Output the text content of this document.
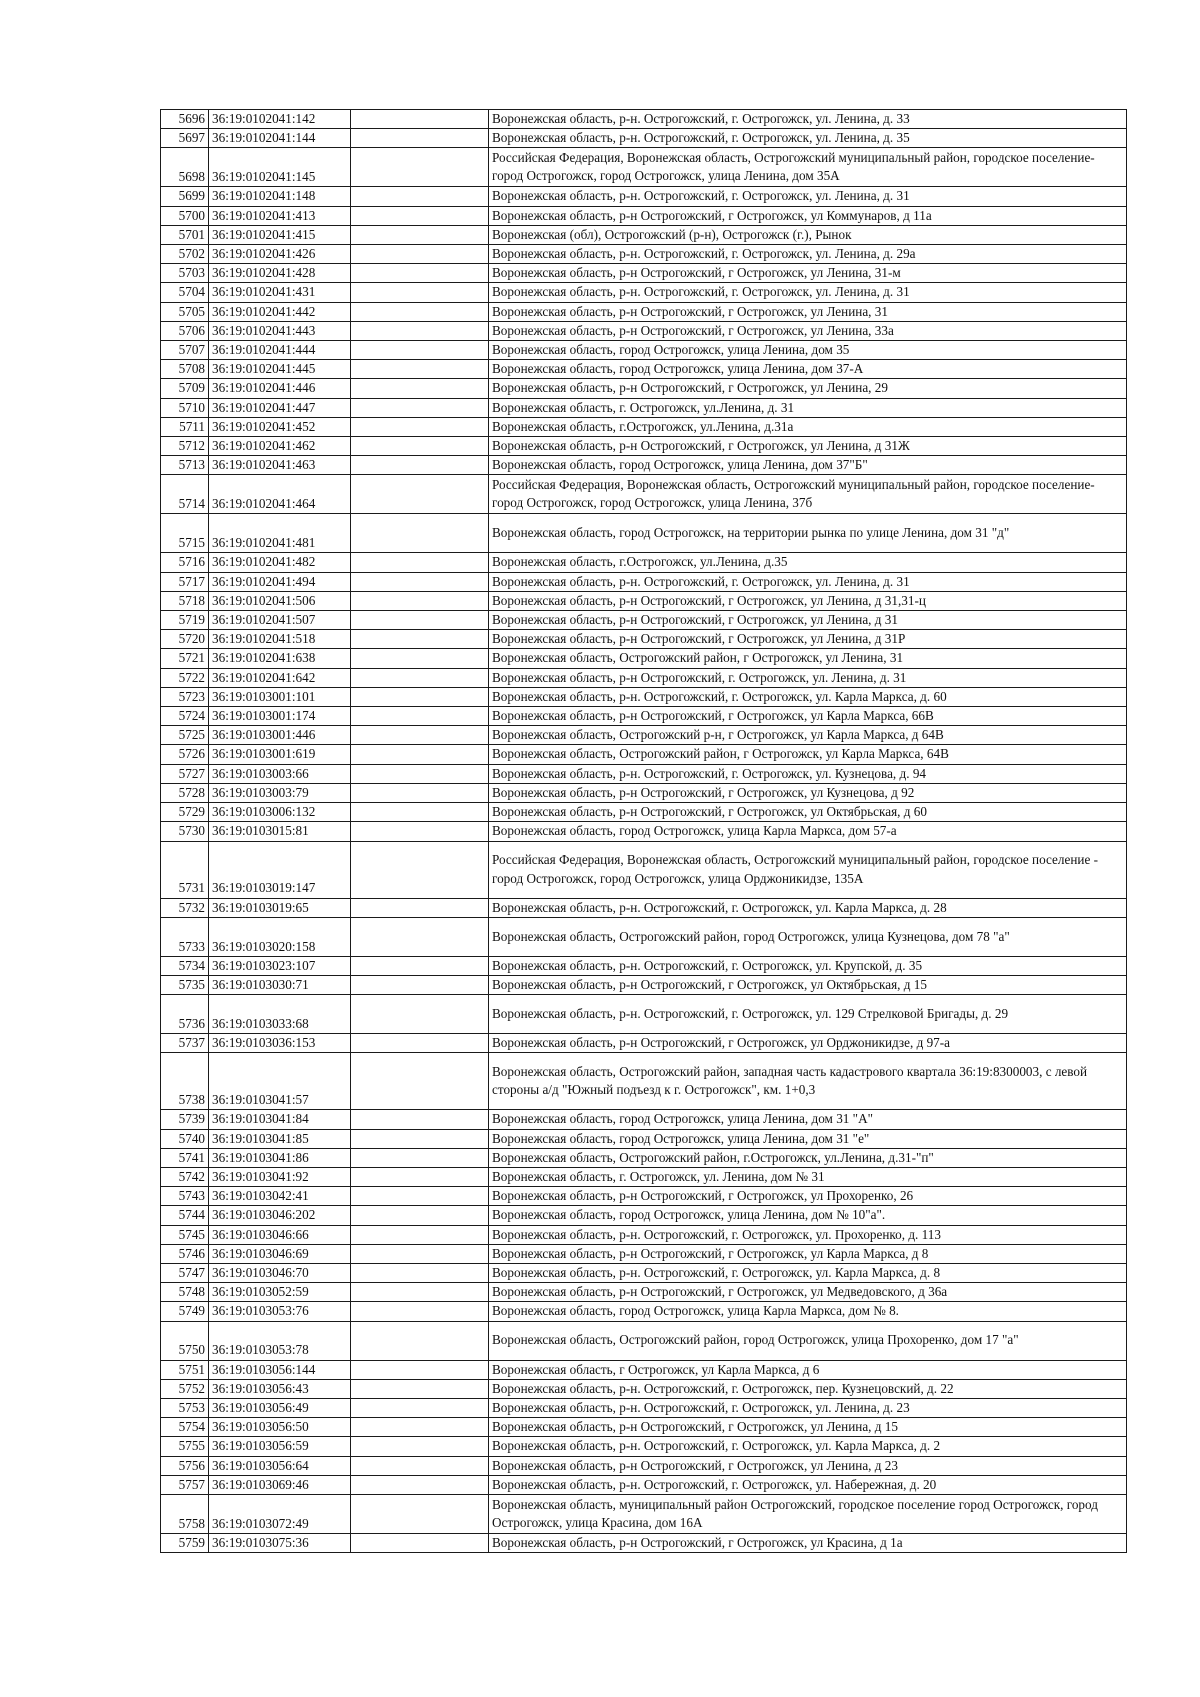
5696	36:19:0102041:142		Воронежская область, р-н. Острогожский, г. Острогожск, ул. Ленина, д. 33
5697	36:19:0102041:144		Воронежская область, р-н. Острогожский, г. Острогожск, ул. Ленина, д. 35
5698	36:19:0102041:145		Российская Федерация, Воронежская область, Острогожский муниципальный район, городское поселение-город Острогожск, город Острогожск, улица Ленина, дом 35А
5699	36:19:0102041:148		Воронежская область, р-н. Острогожский, г. Острогожск, ул. Ленина, д. 31
5700	36:19:0102041:413		Воронежская область, р-н Острогожский, г Острогожск, ул Коммунаров, д 11а
5701	36:19:0102041:415		Воронежская (обл), Острогожский (р-н), Острогожск (г.), Рынок
5702	36:19:0102041:426		Воронежская область, р-н. Острогожский, г. Острогожск, ул. Ленина, д. 29а
5703	36:19:0102041:428		Воронежская область, р-н Острогожский, г Острогожск, ул Ленина, 31-м
5704	36:19:0102041:431		Воронежская область, р-н. Острогожский, г. Острогожск, ул. Ленина, д. 31
5705	36:19:0102041:442		Воронежская область, р-н Острогожский, г Острогожск, ул Ленина, 31
5706	36:19:0102041:443		Воронежская область, р-н Острогожский, г Острогожск, ул Ленина, 33а
5707	36:19:0102041:444		Воронежская область, город Острогожск, улица Ленина, дом 35
5708	36:19:0102041:445		Воронежская область, город Острогожск, улица Ленина, дом 37-А
5709	36:19:0102041:446		Воронежская область, р-н Острогожский, г Острогожск, ул Ленина, 29
5710	36:19:0102041:447		Воронежская область, г. Острогожск, ул.Ленина, д. 31
5711	36:19:0102041:452		Воронежская область, г.Острогожск, ул.Ленина, д.31а
5712	36:19:0102041:462		Воронежская область, р-н Острогожский, г Острогожск, ул Ленина, д 31Ж
5713	36:19:0102041:463		Воронежская область, город Острогожск, улица Ленина, дом 37"Б"
5714	36:19:0102041:464		Российская Федерация, Воронежская область, Острогожский муниципальный район, городское поселение-город Острогожск, город Острогожск, улица Ленина, 37б
5715	36:19:0102041:481		Воронежская область, город Острогожск, на территории рынка по улице Ленина, дом 31 "д"
5716	36:19:0102041:482		Воронежская область, г.Острогожск, ул.Ленина, д.35
5717	36:19:0102041:494		Воронежская область, р-н. Острогожский, г. Острогожск, ул. Ленина, д. 31
5718	36:19:0102041:506		Воронежская область, р-н Острогожский, г Острогожск, ул Ленина, д 31,31-ц
5719	36:19:0102041:507		Воронежская область, р-н Острогожский, г Острогожск, ул Ленина, д 31
5720	36:19:0102041:518		Воронежская область, р-н Острогожский, г Острогожск, ул Ленина, д 31Р
5721	36:19:0102041:638		Воронежская область, Острогожский район, г Острогожск, ул Ленина, 31
5722	36:19:0102041:642		Воронежская область, р-н Острогожский, г. Острогожск, ул. Ленина, д. 31
5723	36:19:0103001:101		Воронежская область, р-н. Острогожский, г. Острогожск, ул. Карла Маркса, д. 60
5724	36:19:0103001:174		Воронежская область, р-н Острогожский, г Острогожск, ул Карла Маркса, 66В
5725	36:19:0103001:446		Воронежская область, Острогожский р-н, г Острогожск, ул Карла Маркса, д 64В
5726	36:19:0103001:619		Воронежская область, Острогожский район, г Острогожск, ул Карла Маркса, 64В
5727	36:19:0103003:66		Воронежская область, р-н. Острогожский, г. Острогожск, ул. Кузнецова, д. 94
5728	36:19:0103003:79		Воронежская область, р-н Острогожский, г Острогожск, ул Кузнецова, д 92
5729	36:19:0103006:132		Воронежская область, р-н Острогожский, г Острогожск, ул Октябрьская, д 60
5730	36:19:0103015:81		Воронежская область, город Острогожск, улица Карла Маркса, дом 57-а
5731	36:19:0103019:147		Российская Федерация, Воронежская область, Острогожский муниципальный район, городское поселение - город Острогожск, город Острогожск, улица Орджоникидзе, 135А
5732	36:19:0103019:65		Воронежская область, р-н. Острогожский, г. Острогожск, ул. Карла Маркса, д. 28
5733	36:19:0103020:158		Воронежская область, Острогожский район, город Острогожск, улица Кузнецова, дом 78 "а"
5734	36:19:0103023:107		Воронежская область, р-н. Острогожский, г. Острогожск, ул. Крупской, д. 35
5735	36:19:0103030:71		Воронежская область, р-н Острогожский, г Острогожск, ул Октябрьская, д 15
5736	36:19:0103033:68		Воронежская область, р-н. Острогожский, г. Острогожск, ул. 129 Стрелковой Бригады, д. 29
5737	36:19:0103036:153		Воронежская область, р-н Острогожский, г Острогожск, ул Орджоникидзе, д 97-а
5738	36:19:0103041:57		Воронежская область, Острогожский район, западная часть кадастрового квартала 36:19:8300003, с левой стороны а/д "Южный подъезд к г. Острогожск", км. 1+0,3
5739	36:19:0103041:84		Воронежская область, город Острогожск, улица Ленина, дом 31 "А"
5740	36:19:0103041:85		Воронежская область, город Острогожск, улица Ленина, дом 31 "е"
5741	36:19:0103041:86		Воронежская область, Острогожский район, г.Острогожск, ул.Ленина, д.31-"п"
5742	36:19:0103041:92		Воронежская область, г. Острогожск, ул. Ленина, дом № 31
5743	36:19:0103042:41		Воронежская область, р-н Острогожский, г Острогожск, ул Прохоренко, 26
5744	36:19:0103046:202		Воронежская область, город Острогожск, улица Ленина, дом № 10"а".
5745	36:19:0103046:66		Воронежская область, р-н. Острогожский, г. Острогожск, ул. Прохоренко, д. 113
5746	36:19:0103046:69		Воронежская область, р-н Острогожский, г Острогожск, ул Карла Маркса, д 8
5747	36:19:0103046:70		Воронежская область, р-н. Острогожский, г. Острогожск, ул. Карла Маркса, д. 8
5748	36:19:0103052:59		Воронежская область, р-н Острогожский, г Острогожск, ул Медведовского, д 36а
5749	36:19:0103053:76		Воронежская область, город Острогожск, улица Карла Маркса, дом № 8.
5750	36:19:0103053:78		Воронежская область, Острогожский район, город Острогожск, улица Прохоренко, дом 17 "а"
5751	36:19:0103056:144		Воронежская область, г Острогожск, ул Карла Маркса, д 6
5752	36:19:0103056:43		Воронежская область, р-н. Острогожский, г. Острогожск, пер. Кузнецовский, д. 22
5753	36:19:0103056:49		Воронежская область, р-н. Острогожский, г. Острогожск, ул. Ленина, д. 23
5754	36:19:0103056:50		Воронежская область, р-н Острогожский, г Острогожск, ул Ленина, д 15
5755	36:19:0103056:59		Воронежская область, р-н. Острогожский, г. Острогожск, ул. Карла Маркса, д. 2
5756	36:19:0103056:64		Воронежская область, р-н Острогожский, г Острогожск, ул Ленина, д 23
5757	36:19:0103069:46		Воронежская область, р-н. Острогожский, г. Острогожск, ул. Набережная, д. 20
5758	36:19:0103072:49		Воронежская область, муниципальный район Острогожский, городское поселение город Острогожск, город Острогожск, улица Красина, дом 16А
5759	36:19:0103075:36		Воронежская область, р-н Острогожский, г Острогожск, ул Красина, д 1а
